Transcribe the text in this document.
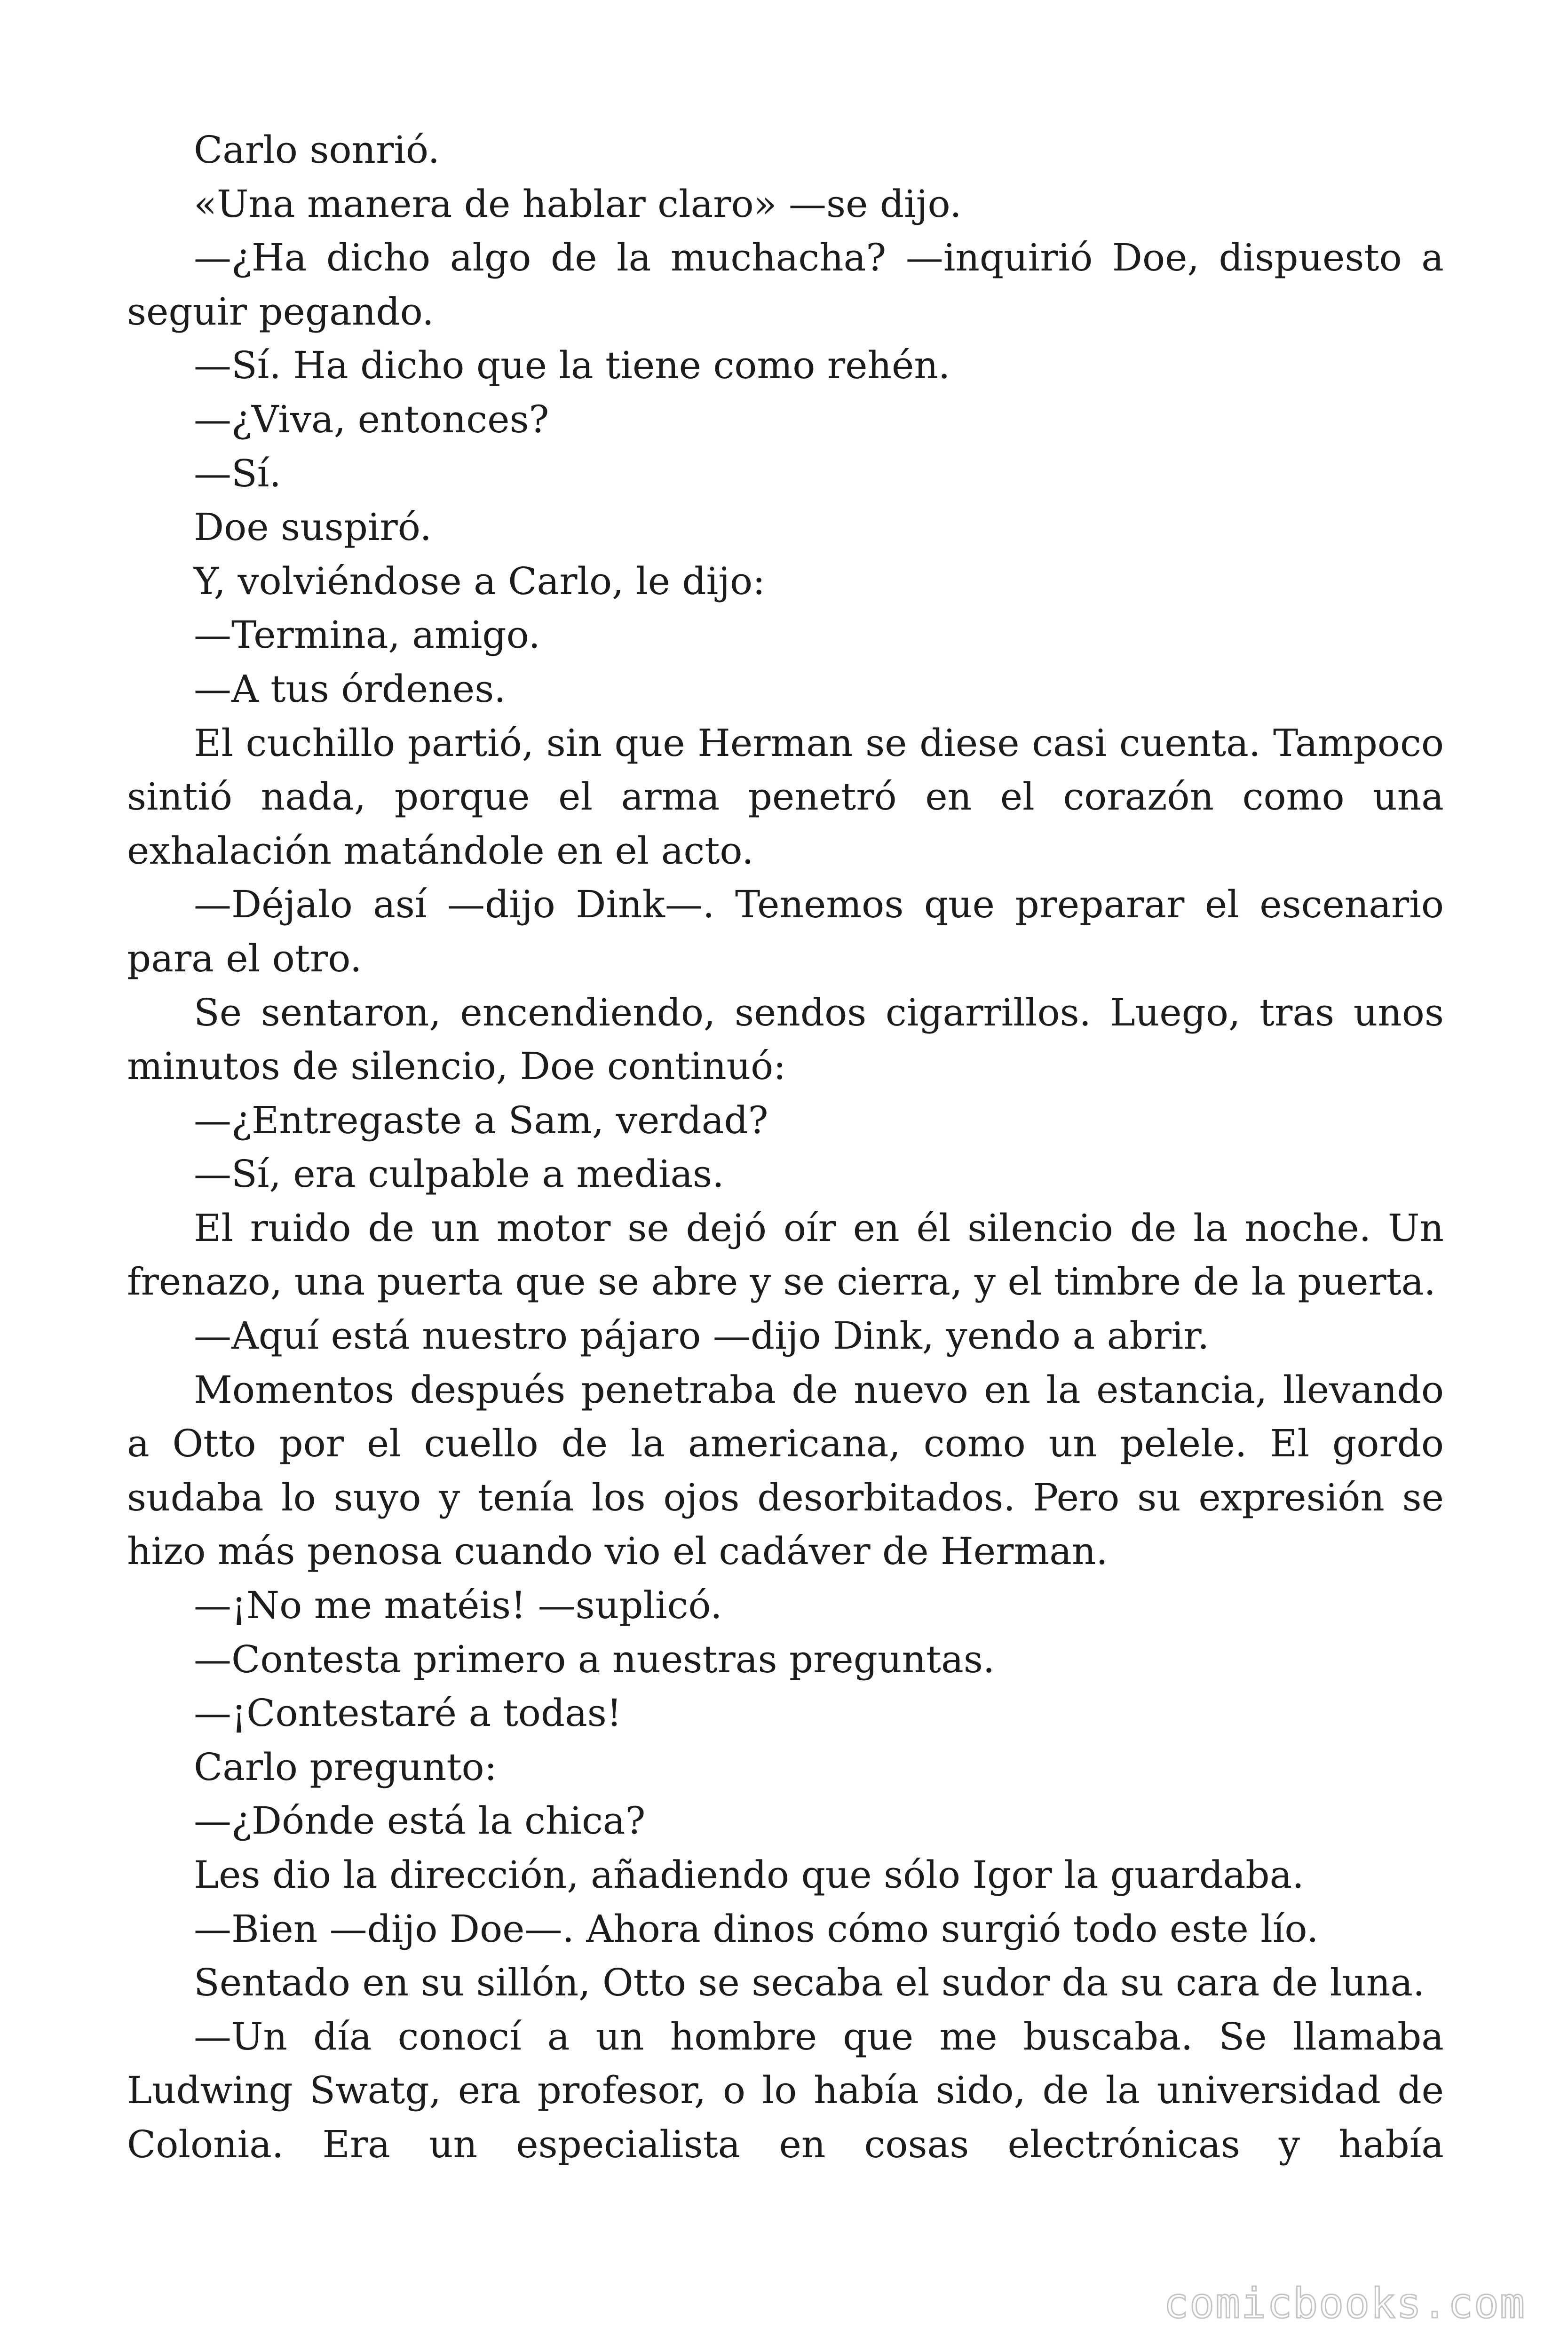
Carlo sonrió.

«Una manera de hablar claro» —se dijo.

—¿Ha dicho algo de la muchacha? —inquirió Doe, dispuesto a seguir pegando.

—Sí. Ha dicho que la tiene como rehén.

—¿Viva, entonces?

—Sí.

Doe suspiró.

Y, volviéndose a Carlo, le dijo:

—Termina, amigo.

—A tus órdenes.

El cuchillo partió, sin que Herman se diese casi cuenta. Tampoco sintió nada, porque el arma penetró en el corazón como una exhalación matándole en el acto.

—Déjalo así —dijo Dink—. Tenemos que preparar el escenario para el otro.

Se sentaron, encendiendo, sendos cigarrillos. Luego, tras unos minutos de silencio, Doe continuó:

—¿Entregaste a Sam, verdad?

—Sí, era culpable a medias.

El ruido de un motor se dejó oír en él silencio de la noche. Un frenazo, una puerta que se abre y se cierra, y el timbre de la puerta.

—Aquí está nuestro pájaro —dijo Dink, yendo a abrir.

Momentos después penetraba de nuevo en la estancia, llevando a Otto por el cuello de la americana, como un pelele. El gordo sudaba lo suyo y tenía los ojos desorbitados. Pero su expresión se hizo más penosa cuando vio el cadáver de Herman.

—¡No me matéis! —suplicó.

—Contesta primero a nuestras preguntas.

—¡Contestaré a todas!

Carlo pregunto:

—¿Dónde está la chica?

Les dio la dirección, añadiendo que sólo Igor la guardaba.

—Bien —dijo Doe—. Ahora dinos cómo surgió todo este lío.

Sentado en su sillón, Otto se secaba el sudor da su cara de luna.

—Un día conocí a un hombre que me buscaba. Se llamaba Ludwing Swatg, era profesor, o lo había sido, de la universidad de Colonia. Era un especialista en cosas electrónicas y había

comicbooks.com
